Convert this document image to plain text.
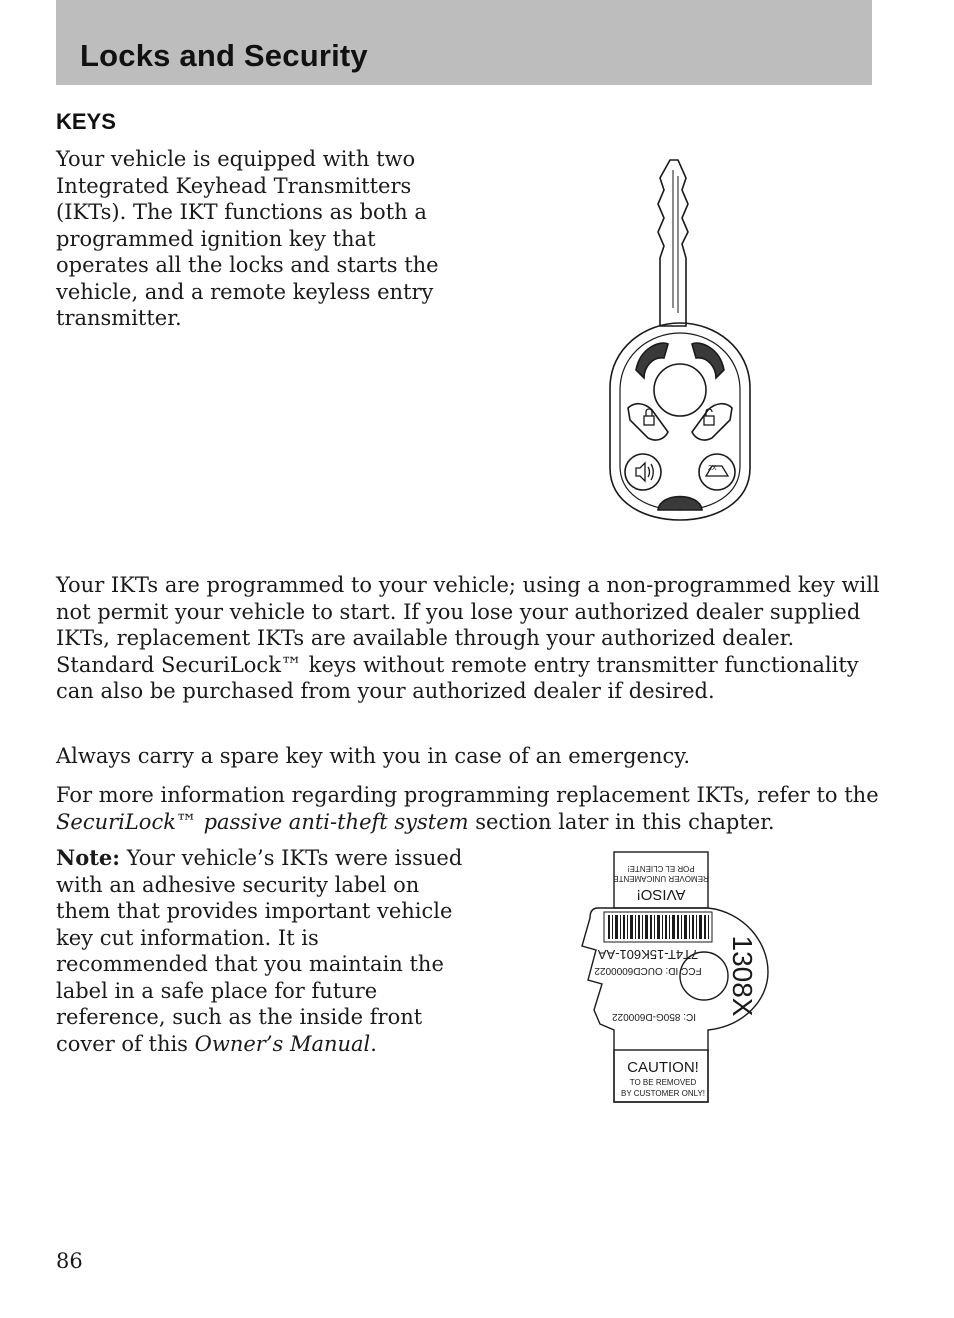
Locks and Security
KEYS

Your vehicle is equipped with two Integrated Keyhead Transmitters (IKTs). The IKT functions as both a programmed ignition key that operates all the locks and starts the vehicle, and a remote keyless entry transmitter.

2X

Your IKTs are programmed to your vehicle; using a non-programmed key will not permit your vehicle to start. If you lose your authorized dealer supplied IKTs, replacement IKTs are available through your authorized dealer. Standard SecuriLock™ keys without remote entry transmitter functionality can also be purchased from your authorized dealer if desired.

Always carry a spare key with you in case of an emergency.

For more information regarding programming replacement IKTs, refer to the SecuriLock™ passive anti-theft system section later in this chapter.

Note: Your vehicle’s IKTs were issued with an adhesive security label on them that provides important vehicle key cut information. It is recommended that you maintain the label in a safe place for future reference, such as the inside front cover of this Owner’s Manual.

AVISO!
REMOVER UNICAMENTE
POR EL CLIENTE!
IC: 850G-D600022
FCC ID: OUCD6000022
7T4T-15K601-AA 1308X
CAUTION!
TO BE REMOVED
BY CUSTOMER ONLY!
86
